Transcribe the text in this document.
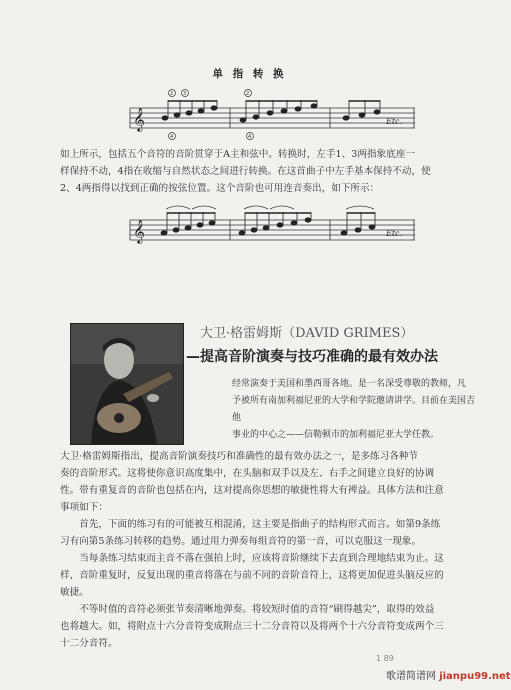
单 指 转 换
𝄞
2 3
4
2
4
Etc.

如上所示，包括五个音符的音阶贯穿于A主和弦中。转换时，左手1、3两指象底座一

样保持不动，4指在收缩与自然状态之间进行转换。在这首曲子中左手基本保持不动，使

2、4两指得以找到正确的按弦位置。这个音阶也可用连音奏出，如下所示：

𝄞	Etc.
大卫·格雷姆斯（DAVID GRIMES）
—提高音阶演奏与技巧准确的最有效办法
经常演奏于美国和墨西哥各地。是一名深受尊敬的教师，凡
予被所有南加利福尼亚的大学和学院邀请讲学。目前在美国吉他
事业的中心之——信勒顿市的加利福尼亚大学任教。

大卫·格雷姆斯指出，提高音阶演奏技巧和准确性的最有效办法之一，是多练习各种节

奏的音阶形式。这将使你意识高度集中，在头脑和双手以及左、右手之间建立良好的协调

性。带有重复音的音阶也包括在内，这对提高你思想的敏捷性将大有裨益。具体方法和注意

事项如下：

首先，下面的练习有的可能被互相混淆，这主要是指曲子的结构形式而言。如第9条练

习有向第5条练习转移的趋势。通过用力弹奏每组音符的第一音，可以克服这一现象。

当每条练习结束而主音不落在强拍上时，应该将音阶继续下去直到合理地结束为止。这

样，音阶重复时，反复出现的重音将落在与前不同的音阶音符上，这将更加促进头脑反应的

敏捷。

不等时值的音符必须张节奏清晰地弹奏。将较短时值的音符“刷得越尖”，取得的效益

也将越大。如，将附点十六分音符变成附点三十二分音符以及将两个十六分音符变成两个三

十二分音符。

1 89
歌谱简谱网 jianpu99.net
